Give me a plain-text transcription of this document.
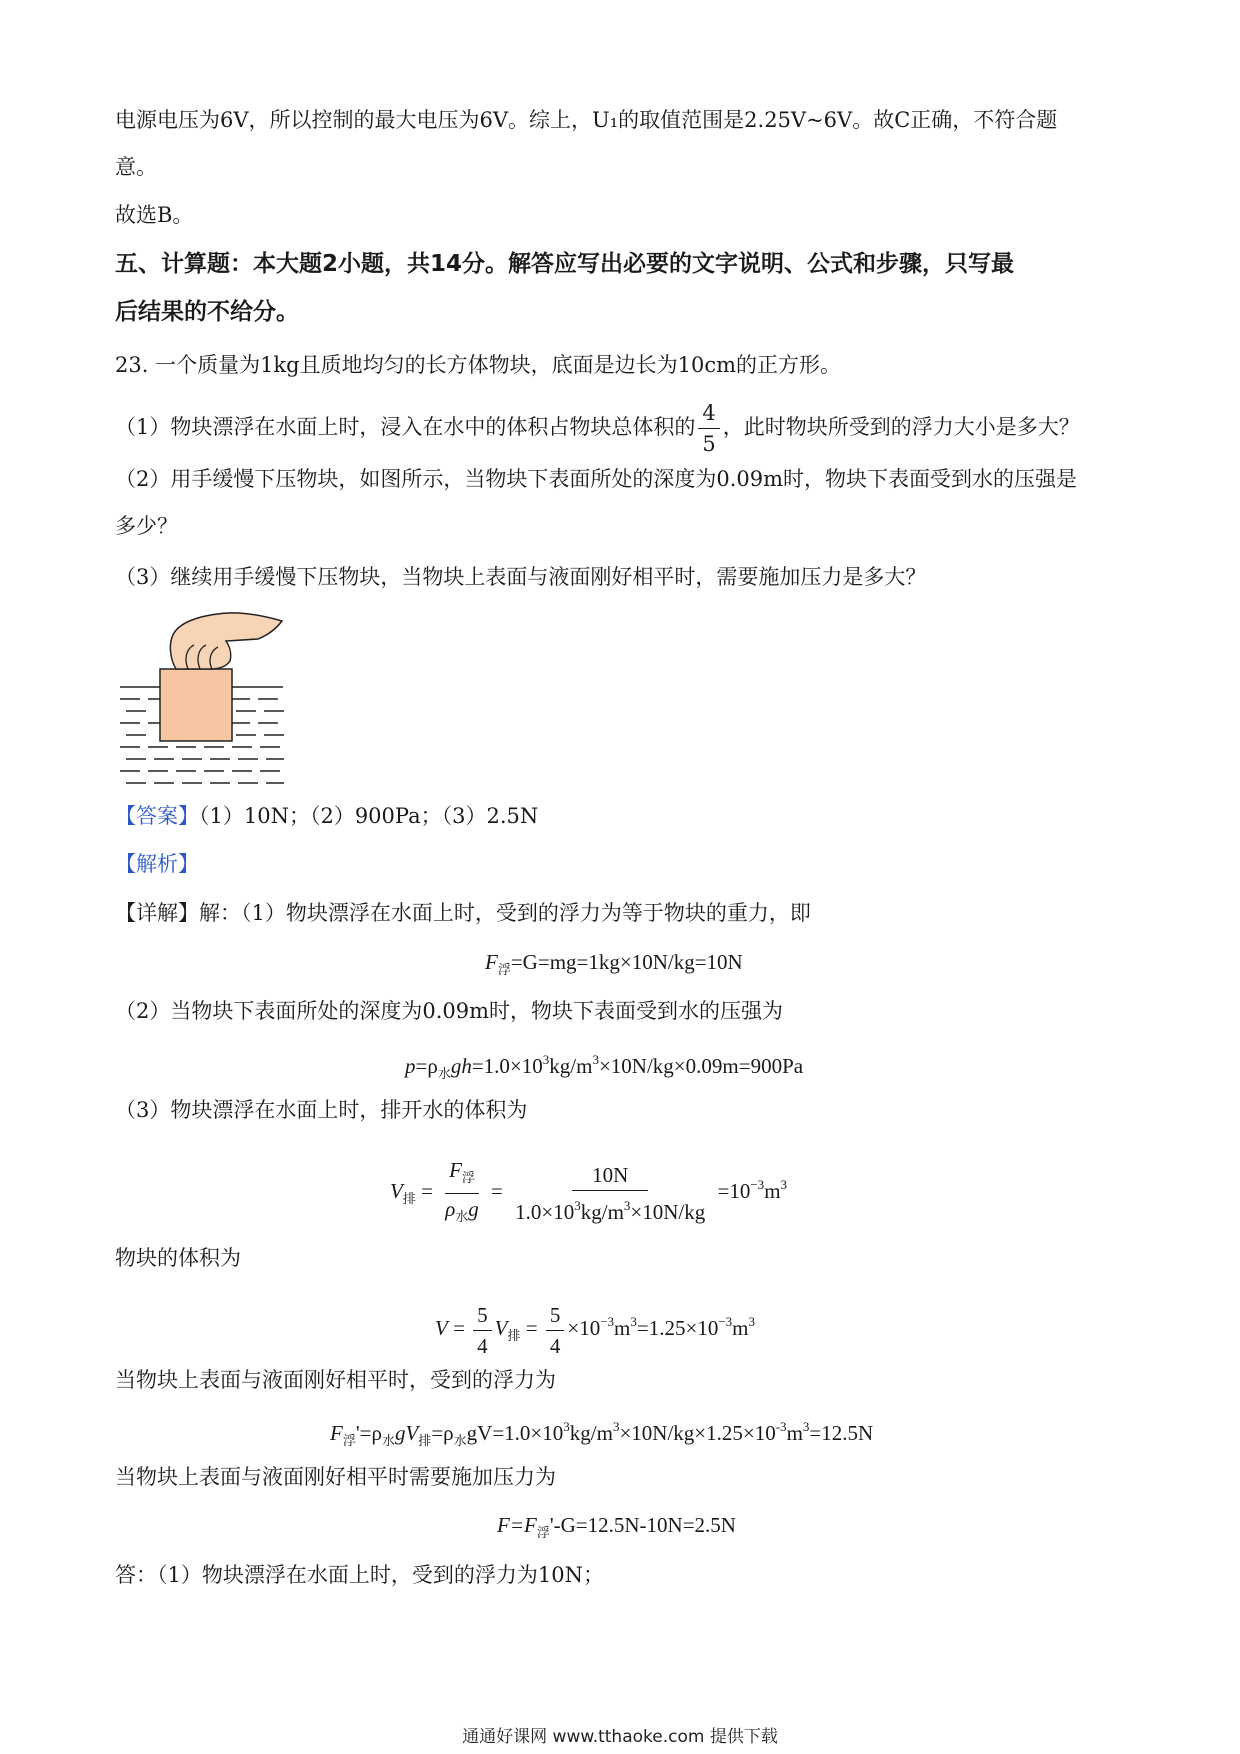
电源电压为6V，所以控制的最大电压为6V。综上，U₁的取值范围是2.25V~6V。故C正确，不符合题
意。
故选B。
五、计算题：本大题2小题，共14分。解答应写出必要的文字说明、公式和步骤，只写最
后结果的不给分。
23. 一个质量为1kg且质地均匀的长方体物块，底面是边长为10cm的正方形。
（1）物块漂浮在水面上时，浸入在水中的体积占物块总体积的 $\frac{4}{5}$ ，此时物块所受到的浮力大小是多大？
（2）用手缓慢下压物块，如图所示，当物块下表面所处的深度为0.09m时，物块下表面受到水的压强是
多少？
（3）继续用手缓慢下压物块，当物块上表面与液面刚好相平时，需要施加压力是多大？
【答案】（1）10N；（2）900Pa；（3）2.5N
【解析】
【详解】解：（1）物块漂浮在水面上时，受到的浮力为等于物块的重力，即
$F_浮=G=mg=1kg\times 10N/kg=10N$
（2）当物块下表面所处的深度为0.09m时，物块下表面受到水的压强为
$p=\rho_水gh=1.0\times 10^3kg/m^3\times 10N/kg\times 0.09m=900Pa$
（3）物块漂浮在水面上时，排开水的体积为
$V_排 = \frac{F_浮}{\rho_水g} = \frac{10N}{1.0\times 10^3kg/m^3\times 10N/kg} =10^{-3}m^3$
物块的体积为
$V = \frac{5}{4} V_排 = \frac{5}{4} \times 10^{-3}m^3=1.25\times 10^{-3}m^3$
当物块上表面与液面刚好相平时，受到的浮力为
$F_浮'=\rho_水gV_排=\rho_水gV=1.0\times 10^3kg/m^3\times 10N/kg\times 1.25\times 10^{-3}m^3=12.5N$
当物块上表面与液面刚好相平时需要施加压力为
$F=F_浮'-G=12.5N-10N=2.5N$
答：（1）物块漂浮在水面上时，受到的浮力为10N；
通通好课网 www.tthaoke.com 提供下载
